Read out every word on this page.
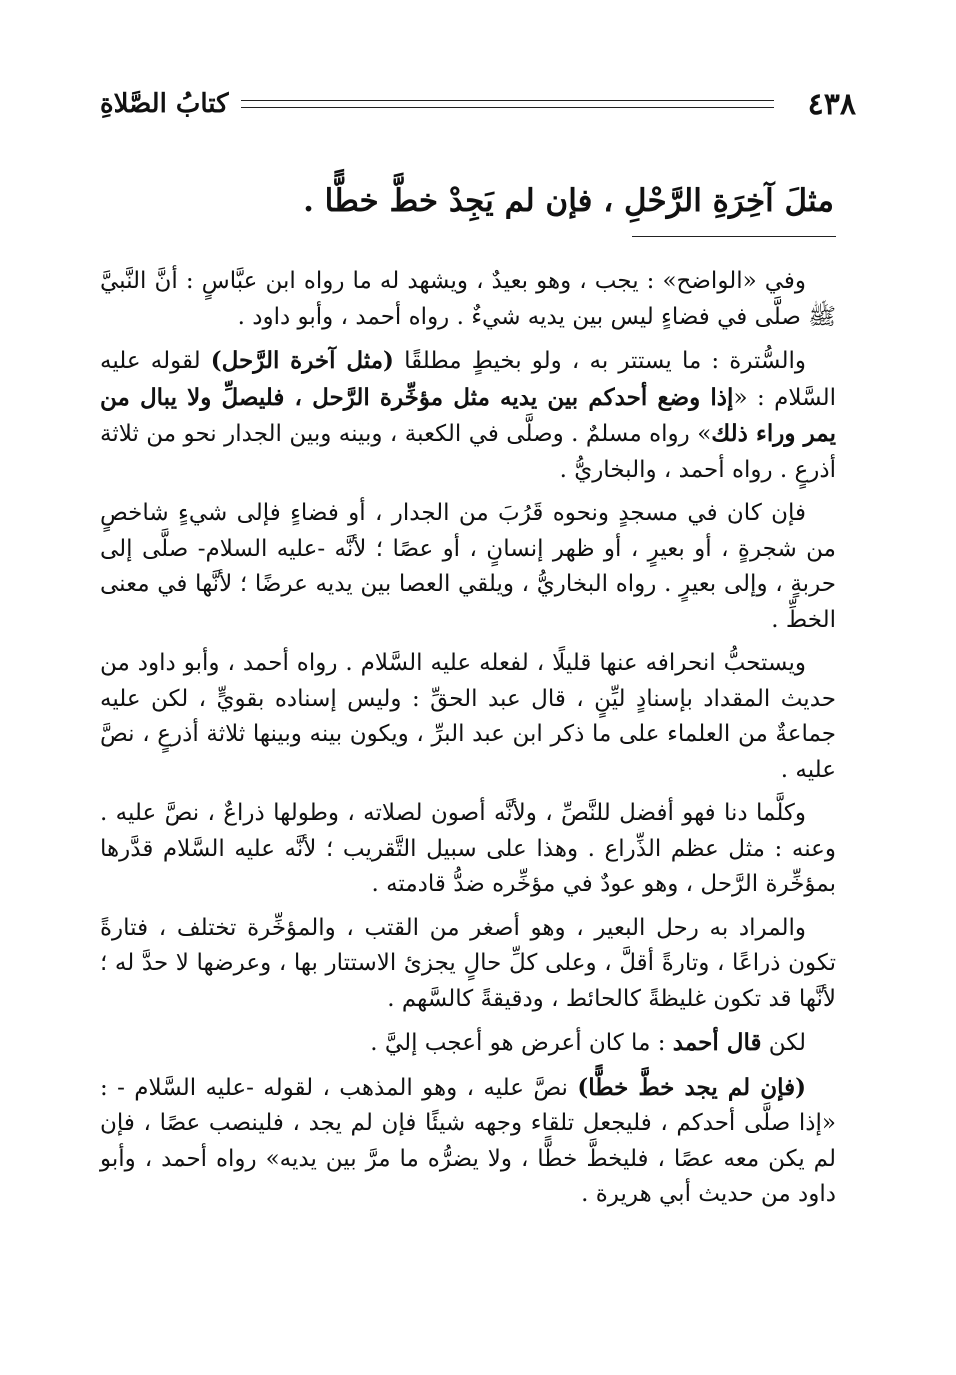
٤٣٨
كتابُ الصَّلاةِ
مثلَ آخِرَةِ الرَّحْلِ ، فإن لم يَجِدْ خطَّ خطًّا .

وفي «الواضح» : يجب ، وهو بعيدٌ ، ويشهد له ما رواه ابن عبَّاسٍ : أنَّ النَّبيَّ ﷺ صلَّى في فضاءٍ ليس بين يديه شيءٌ . رواه أحمد ، وأبو داود .

والسُّترة : ما يستتر به ، ولو بخيطٍ مطلقًا (مثل آخرة الرَّحل) لقوله عليه السَّلام : «إذا وضع أحدكم بين يديه مثل مؤخِّرة الرَّحل ، فليصلِّ ولا يبال من يمر وراء ذلك» رواه مسلمٌ . وصلَّى في الكعبة ، وبينه وبين الجدار نحو من ثلاثة أذرعٍ . رواه أحمد ، والبخاريُّ .

فإن كان في مسجدٍ ونحوه قَرُبَ من الجدار ، أو فضاءٍ فإلى شيءٍ شاخصٍ من شجرةٍ ، أو بعيرٍ ، أو ظهر إنسانٍ ، أو عصًا ؛ لأنَّه -عليه السلام- صلَّى إلى حربةٍ ، وإلى بعيرٍ . رواه البخاريُّ ، ويلقي العصا بين يديه عرضًا ؛ لأنَّها في معنى الخطِّ .

ويستحبُّ انحرافه عنها قليلًا ، لفعله عليه السَّلام . رواه أحمد ، وأبو داود من حديث المقداد بإسنادٍ ليِّنٍ ، قال عبد الحقِّ : وليس إسناده بقويٍّ ، لكن عليه جماعةٌ من العلماء على ما ذكر ابن عبد البرِّ ، ويكون بينه وبينها ثلاثة أذرعٍ ، نصَّ عليه .

وكلَّما دنا فهو أفضل للنَّصِّ ، ولأنَّه أصون لصلاته ، وطولها ذراعٌ ، نصَّ عليه . وعنه : مثل عظم الذِّراع . وهذا على سبيل التَّقريب ؛ لأنَّه عليه السَّلام قدَّرها بمؤخِّرة الرَّحل ، وهو عودٌ في مؤخِّره ضدُّ قادمته .

والمراد به رحل البعير ، وهو أصغر من القتب ، والمؤخِّرة تختلف ، فتارةً تكون ذراعًا ، وتارةً أقلَّ ، وعلى كلِّ حالٍ يجزئ الاستتار بها ، وعرضها لا حدَّ له ؛ لأنَّها قد تكون غليظةً كالحائط ، ودقيقةً كالسَّهم .

لكن قال أحمد : ما كان أعرض هو أعجب إليَّ .

(فإن لم يجد خطَّ خطًّا) نصَّ عليه ، وهو المذهب ، لقوله -عليه السَّلام - : «إذا صلَّى أحدكم ، فليجعل تلقاء وجهه شيئًا فإن لم يجد ، فلينصب عصًا ، فإن لم يكن معه عصًا ، فليخطَّ خطًّا ، ولا يضرُّه ما مرَّ بين يديه» رواه أحمد ، وأبو داود من حديث أبي هريرة .
